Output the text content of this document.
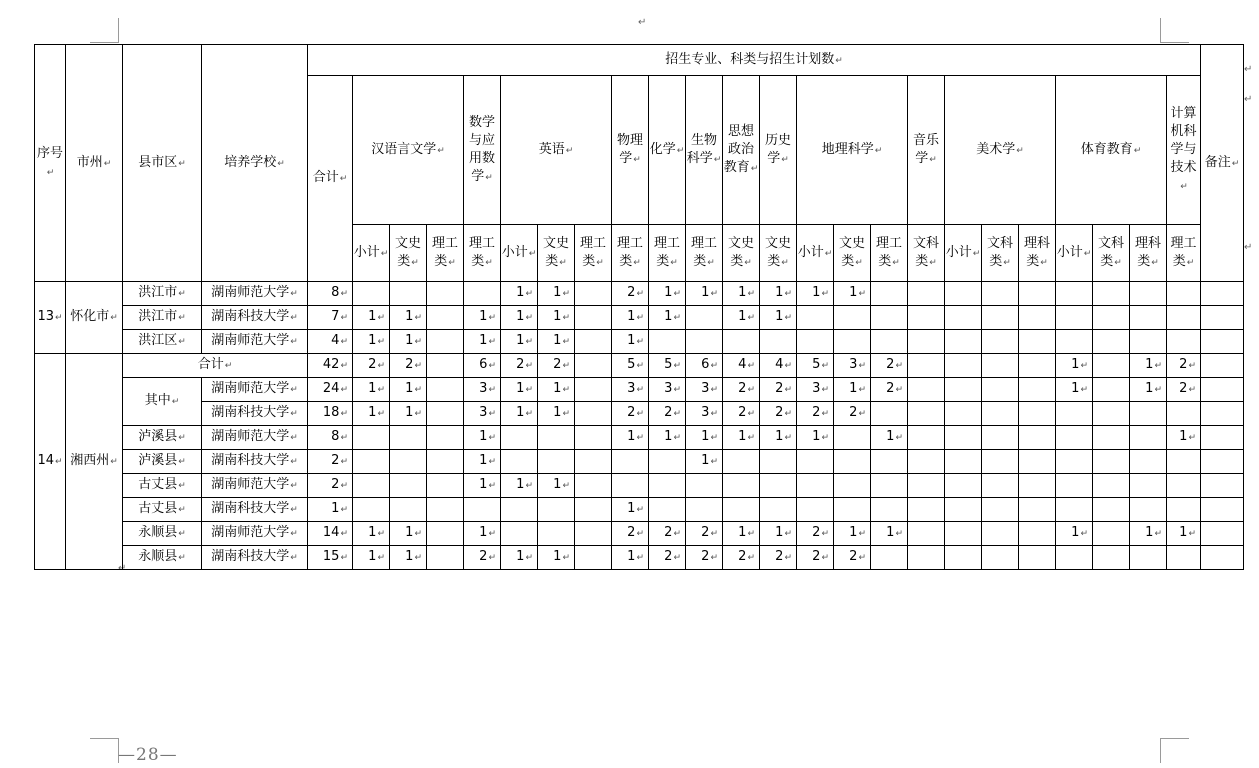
↵
↵
↵
↵
↵
序号 ↵	市州 ↵	县市区 ↵	培养学校 ↵	招生专业、科类与招生计划数 ↵																								备注 ↵
				合计 ↵	汉语言文学 ↵			数学与应用数学 ↵	英语 ↵			物理学 ↵	化学 ↵	生物科学 ↵	思想政治教育 ↵	历史学 ↵	地理科学 ↵			音乐学 ↵	美术学 ↵			体育教育 ↵			计算机科学与技术 ↵
					小计 ↵	文史类 ↵	理工类 ↵	理工类 ↵	小计 ↵	文史类 ↵	理工类 ↵	理工类 ↵	理工类 ↵	理工类 ↵	文史类 ↵	文史类 ↵	小计 ↵	文史类 ↵	理工类 ↵	文科类 ↵	小计 ↵	文科类 ↵	理科类 ↵	小计 ↵	文科类 ↵	理科类 ↵	理工类 ↵
13 ↵	怀化市 ↵	洪江市 ↵	湖南师范大学 ↵	8 ↵					1 ↵	1 ↵		2 ↵	1 ↵	1 ↵	1 ↵	1 ↵	1 ↵	1 ↵										
		洪江市 ↵	湖南科技大学 ↵	7 ↵	1 ↵	1 ↵		1 ↵	1 ↵	1 ↵		1 ↵	1 ↵		1 ↵	1 ↵												
		洪江区 ↵	湖南师范大学 ↵	4 ↵	1 ↵	1 ↵		1 ↵	1 ↵	1 ↵		1 ↵																
14 ↵	湘西州 ↵	合计 ↵		42 ↵	2 ↵	2 ↵		6 ↵	2 ↵	2 ↵		5 ↵	5 ↵	6 ↵	4 ↵	4 ↵	5 ↵	3 ↵	2 ↵					1 ↵		1 ↵	2 ↵	
		其中 ↵	湖南师范大学 ↵	24 ↵	1 ↵	1 ↵		3 ↵	1 ↵	1 ↵		3 ↵	3 ↵	3 ↵	2 ↵	2 ↵	3 ↵	1 ↵	2 ↵					1 ↵		1 ↵	2 ↵	
			湖南科技大学 ↵	18 ↵	1 ↵	1 ↵		3 ↵	1 ↵	1 ↵		2 ↵	2 ↵	3 ↵	2 ↵	2 ↵	2 ↵	2 ↵										
		泸溪县 ↵	湖南师范大学 ↵	8 ↵				1 ↵				1 ↵	1 ↵	1 ↵	1 ↵	1 ↵	1 ↵		1 ↵								1 ↵	
		泸溪县 ↵	湖南科技大学 ↵	2 ↵				1 ↵						1 ↵														
		古丈县 ↵	湖南师范大学 ↵	2 ↵				1 ↵	1 ↵	1 ↵																		
		古丈县 ↵	湖南科技大学 ↵	1 ↵								1 ↵																
		永顺县 ↵	湖南师范大学 ↵	14 ↵	1 ↵	1 ↵		1 ↵				2 ↵	2 ↵	2 ↵	1 ↵	1 ↵	2 ↵	1 ↵	1 ↵					1 ↵		1 ↵	1 ↵	
		永顺县 ↵	湖南科技大学 ↵	15 ↵	1 ↵	1 ↵		2 ↵	1 ↵	1 ↵		1 ↵	2 ↵	2 ↵	2 ↵	2 ↵	2 ↵	2 ↵										
—28—
